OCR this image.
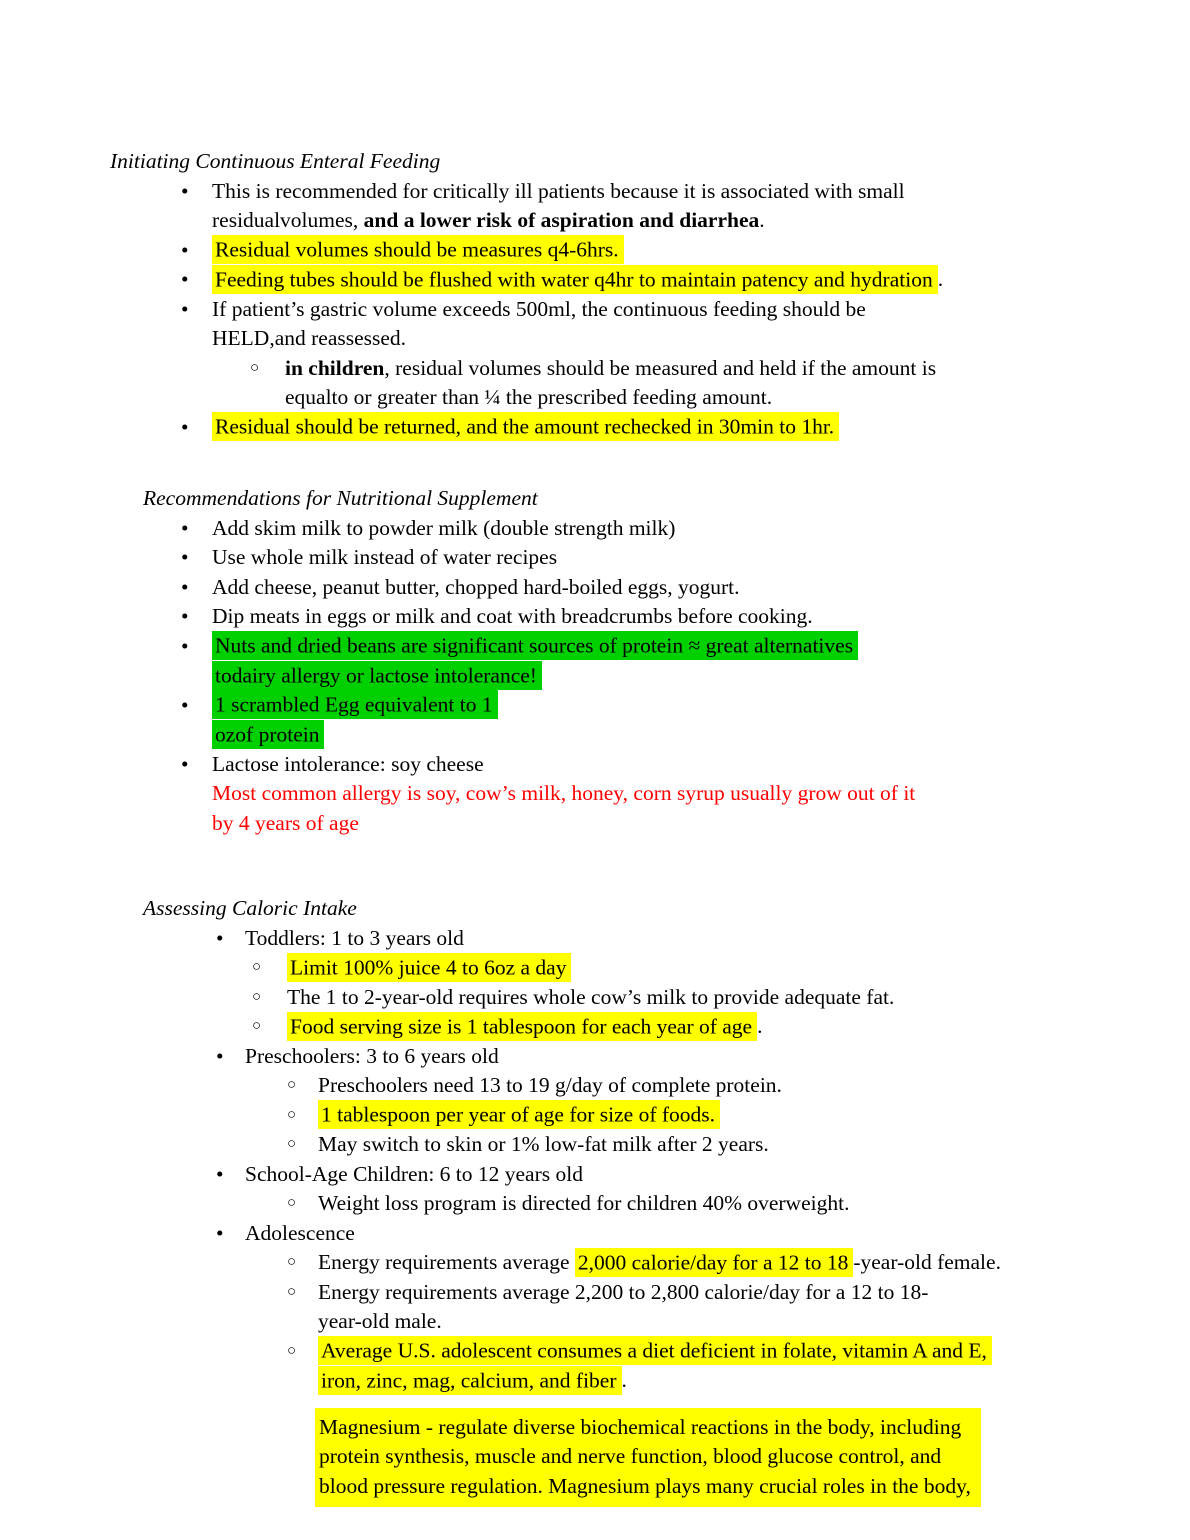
Initiating Continuous Enteral Feeding
• This is recommended for critically ill patients because it is associated with small
residualvolumes, and a lower risk of aspiration and diarrhea.
• Residual volumes should be measures q4-6hrs.
• Feeding tubes should be flushed with water q4hr to maintain patency and hydration .
• If patient’s gastric volume exceeds 500ml, the continuous feeding should be
HELD,and reassessed.
○ in children, residual volumes should be measured and held if the amount is
equalto or greater than ¼ the prescribed feeding amount.
• Residual should be returned, and the amount rechecked in 30min to 1hr.
Recommendations for Nutritional Supplement
• Add skim milk to powder milk (double strength milk)
• Use whole milk instead of water recipes
• Add cheese, peanut butter, chopped hard-boiled eggs, yogurt.
• Dip meats in eggs or milk and coat with breadcrumbs before cooking.
• Nuts and dried beans are significant sources of protein ≈ great alternatives
todairy allergy or lactose intolerance!
• 1 scrambled Egg equivalent to 1
ozof protein
• Lactose intolerance: soy cheese
Most common allergy is soy, cow’s milk, honey, corn syrup usually grow out of it
by 4 years of age
Assessing Caloric Intake
• Toddlers: 1 to 3 years old
○ Limit 100% juice 4 to 6oz a day
○ The 1 to 2-year-old requires whole cow’s milk to provide adequate fat.
○ Food serving size is 1 tablespoon for each year of age .
• Preschoolers: 3 to 6 years old
○ Preschoolers need 13 to 19 g/day of complete protein.
○ 1 tablespoon per year of age for size of foods.
○ May switch to skin or 1% low-fat milk after 2 years.
• School-Age Children: 6 to 12 years old
○ Weight loss program is directed for children 40% overweight.
• Adolescence
○ Energy requirements average 2,000 calorie/day for a 12 to 18 -year-old female.
○ Energy requirements average 2,200 to 2,800 calorie/day for a 12 to 18-
year-old male.
○ Average U.S. adolescent consumes a diet deficient in folate, vitamin A and E,
iron, zinc, mag, calcium, and fiber .
Magnesium - regulate diverse biochemical reactions in the body, including
protein synthesis, muscle and nerve function, blood glucose control, and
blood pressure regulation. Magnesium plays many crucial roles in the body,
